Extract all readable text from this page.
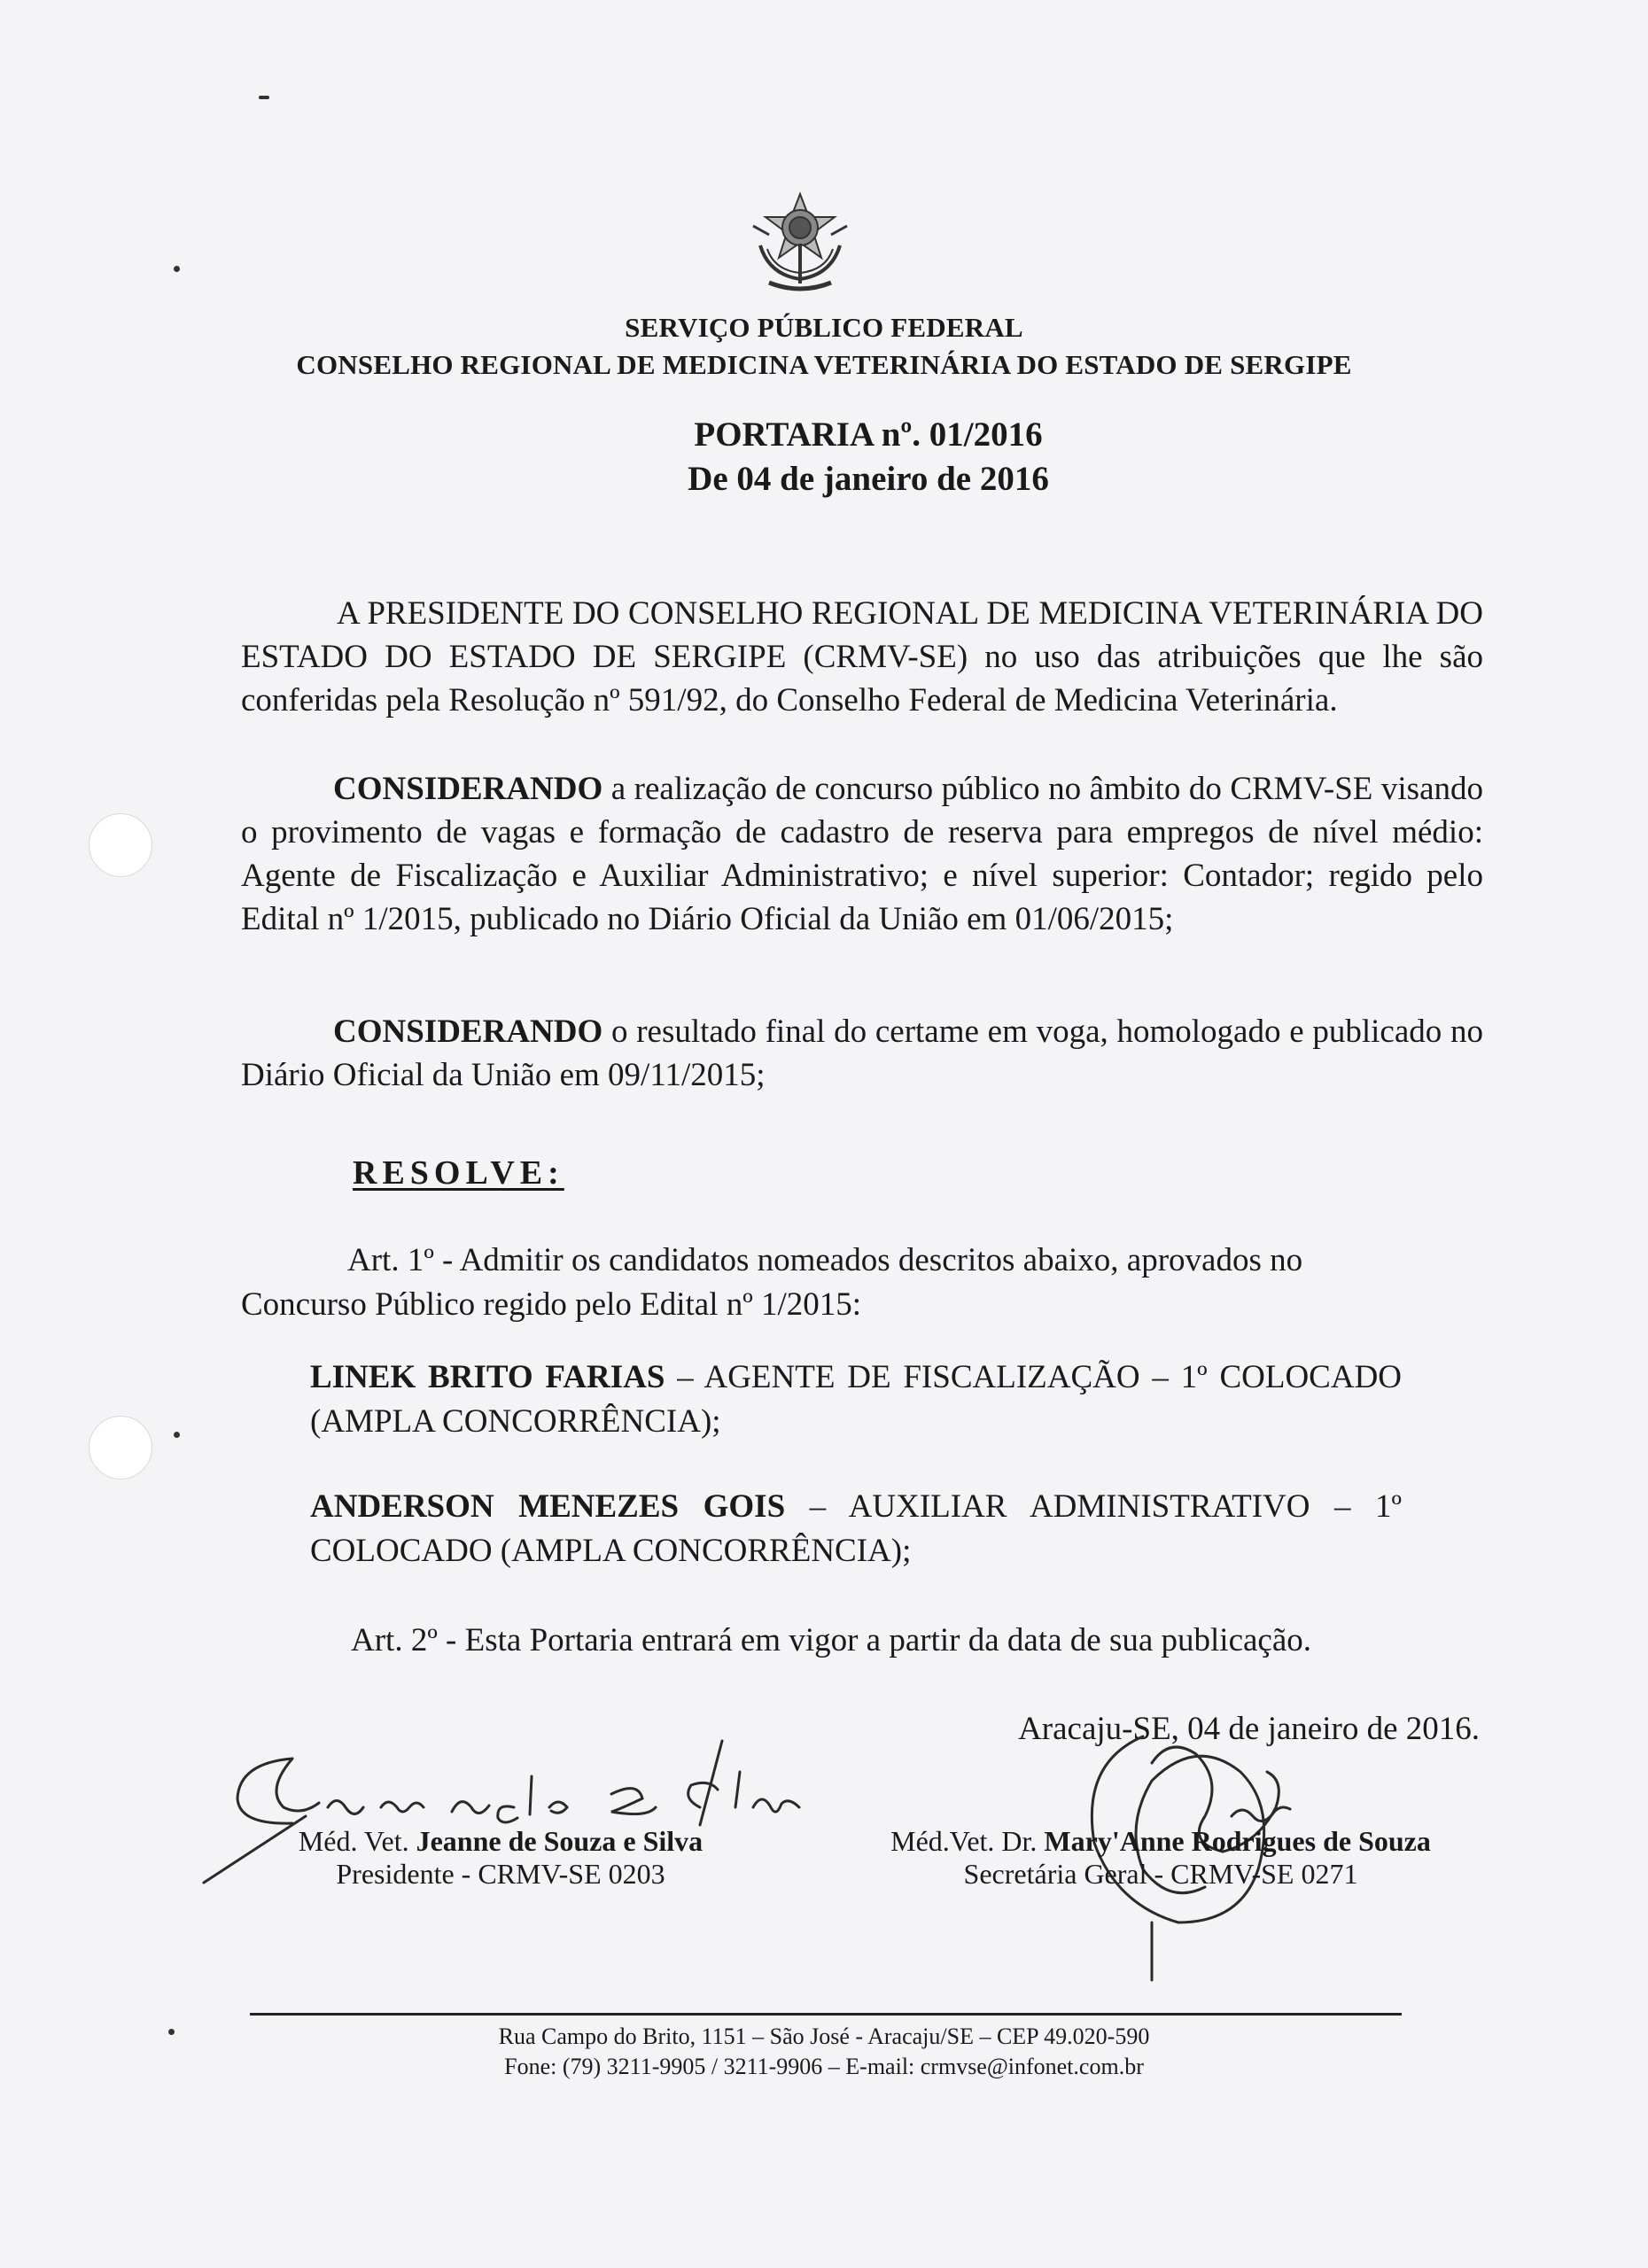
SERVIÇO PÚBLICO FEDERAL
CONSELHO REGIONAL DE MEDICINA VETERINÁRIA DO ESTADO DE SERGIPE
PORTARIA nº. 01/2016
De 04 de janeiro de 2016
A PRESIDENTE DO CONSELHO REGIONAL DE MEDICINA VETERINÁRIA DO ESTADO DO ESTADO DE SERGIPE (CRMV-SE) no uso das atribuições que lhe são conferidas pela Resolução nº 591/92, do Conselho Federal de Medicina Veterinária.
CONSIDERANDO a realização de concurso público no âmbito do CRMV-SE visando o provimento de vagas e formação de cadastro de reserva para empregos de nível médio: Agente de Fiscalização e Auxiliar Administrativo; e nível superior: Contador; regido pelo Edital nº 1/2015, publicado no Diário Oficial da União em 01/06/2015;
CONSIDERANDO o resultado final do certame em voga, homologado e publicado no Diário Oficial da União em 09/11/2015;
RESOLVE:
Art. 1º - Admitir os candidatos nomeados descritos abaixo, aprovados no Concurso Público regido pelo Edital nº 1/2015:
LINEK BRITO FARIAS – AGENTE DE FISCALIZAÇÃO – 1º COLOCADO (AMPLA CONCORRÊNCIA);
ANDERSON MENEZES GOIS – AUXILIAR ADMINISTRATIVO – 1º COLOCADO (AMPLA CONCORRÊNCIA);
Art. 2º - Esta Portaria entrará em vigor a partir da data de sua publicação.
Aracaju-SE, 04 de janeiro de 2016.
Méd. Vet. Jeanne de Souza e Silva
Presidente - CRMV-SE 0203
Méd.Vet. Dr. Mary'Anne Rodrigues de Souza
Secretária Geral - CRMV-SE 0271
Rua Campo do Brito, 1151 – São José - Aracaju/SE – CEP 49.020-590
Fone: (79) 3211-9905 / 3211-9906 – E-mail: crmvse@infonet.com.br
